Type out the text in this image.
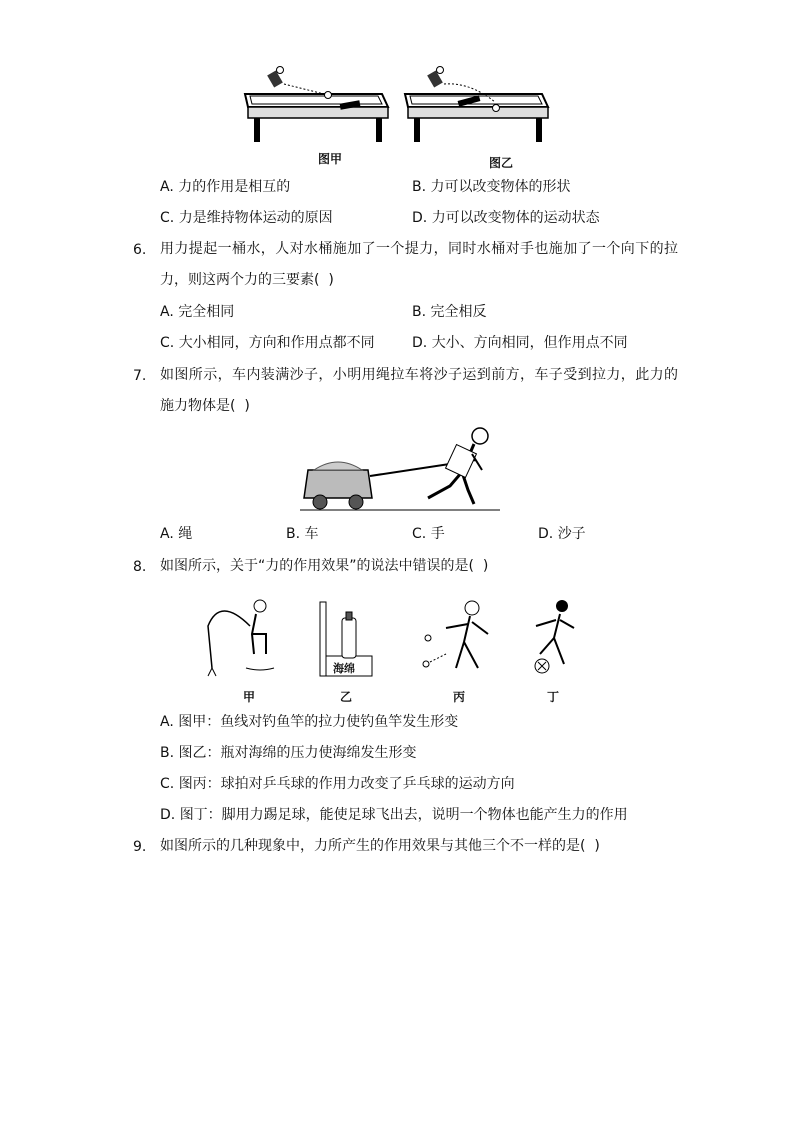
图甲	图乙
A. 力的作用是相互的	B. 力可以改变物体的形状
C. 力是维持物体运动的原因	D. 力可以改变物体的运动状态
6. 用力提起一桶水，人对水桶施加了一个提力，同时水桶对手也施加了一个向下的拉
力，则这两个力的三要素(  )
A. 完全相同	B. 完全相反
C. 大小相同，方向和作用点都不同	D. 大小、方向相同，但作用点不同
7. 如图所示，车内装满沙子，小明用绳拉车将沙子运到前方，车子受到拉力，此力的
施力物体是(  )
A. 绳	B. 车	C. 手	D. 沙子
8. 如图所示，关于“力的作用效果”的说法中错误的是(  )
海绵
甲	乙	丙	丁
A. 图甲：鱼线对钓鱼竿的拉力使钓鱼竿发生形变
B. 图乙：瓶对海绵的压力使海绵发生形变
C. 图丙：球拍对乒乓球的作用力改变了乒乓球的运动方向
D. 图丁：脚用力踢足球，能使足球飞出去，说明一个物体也能产生力的作用
9. 如图所示的几种现象中，力所产生的作用效果与其他三个不一样的是(  )
